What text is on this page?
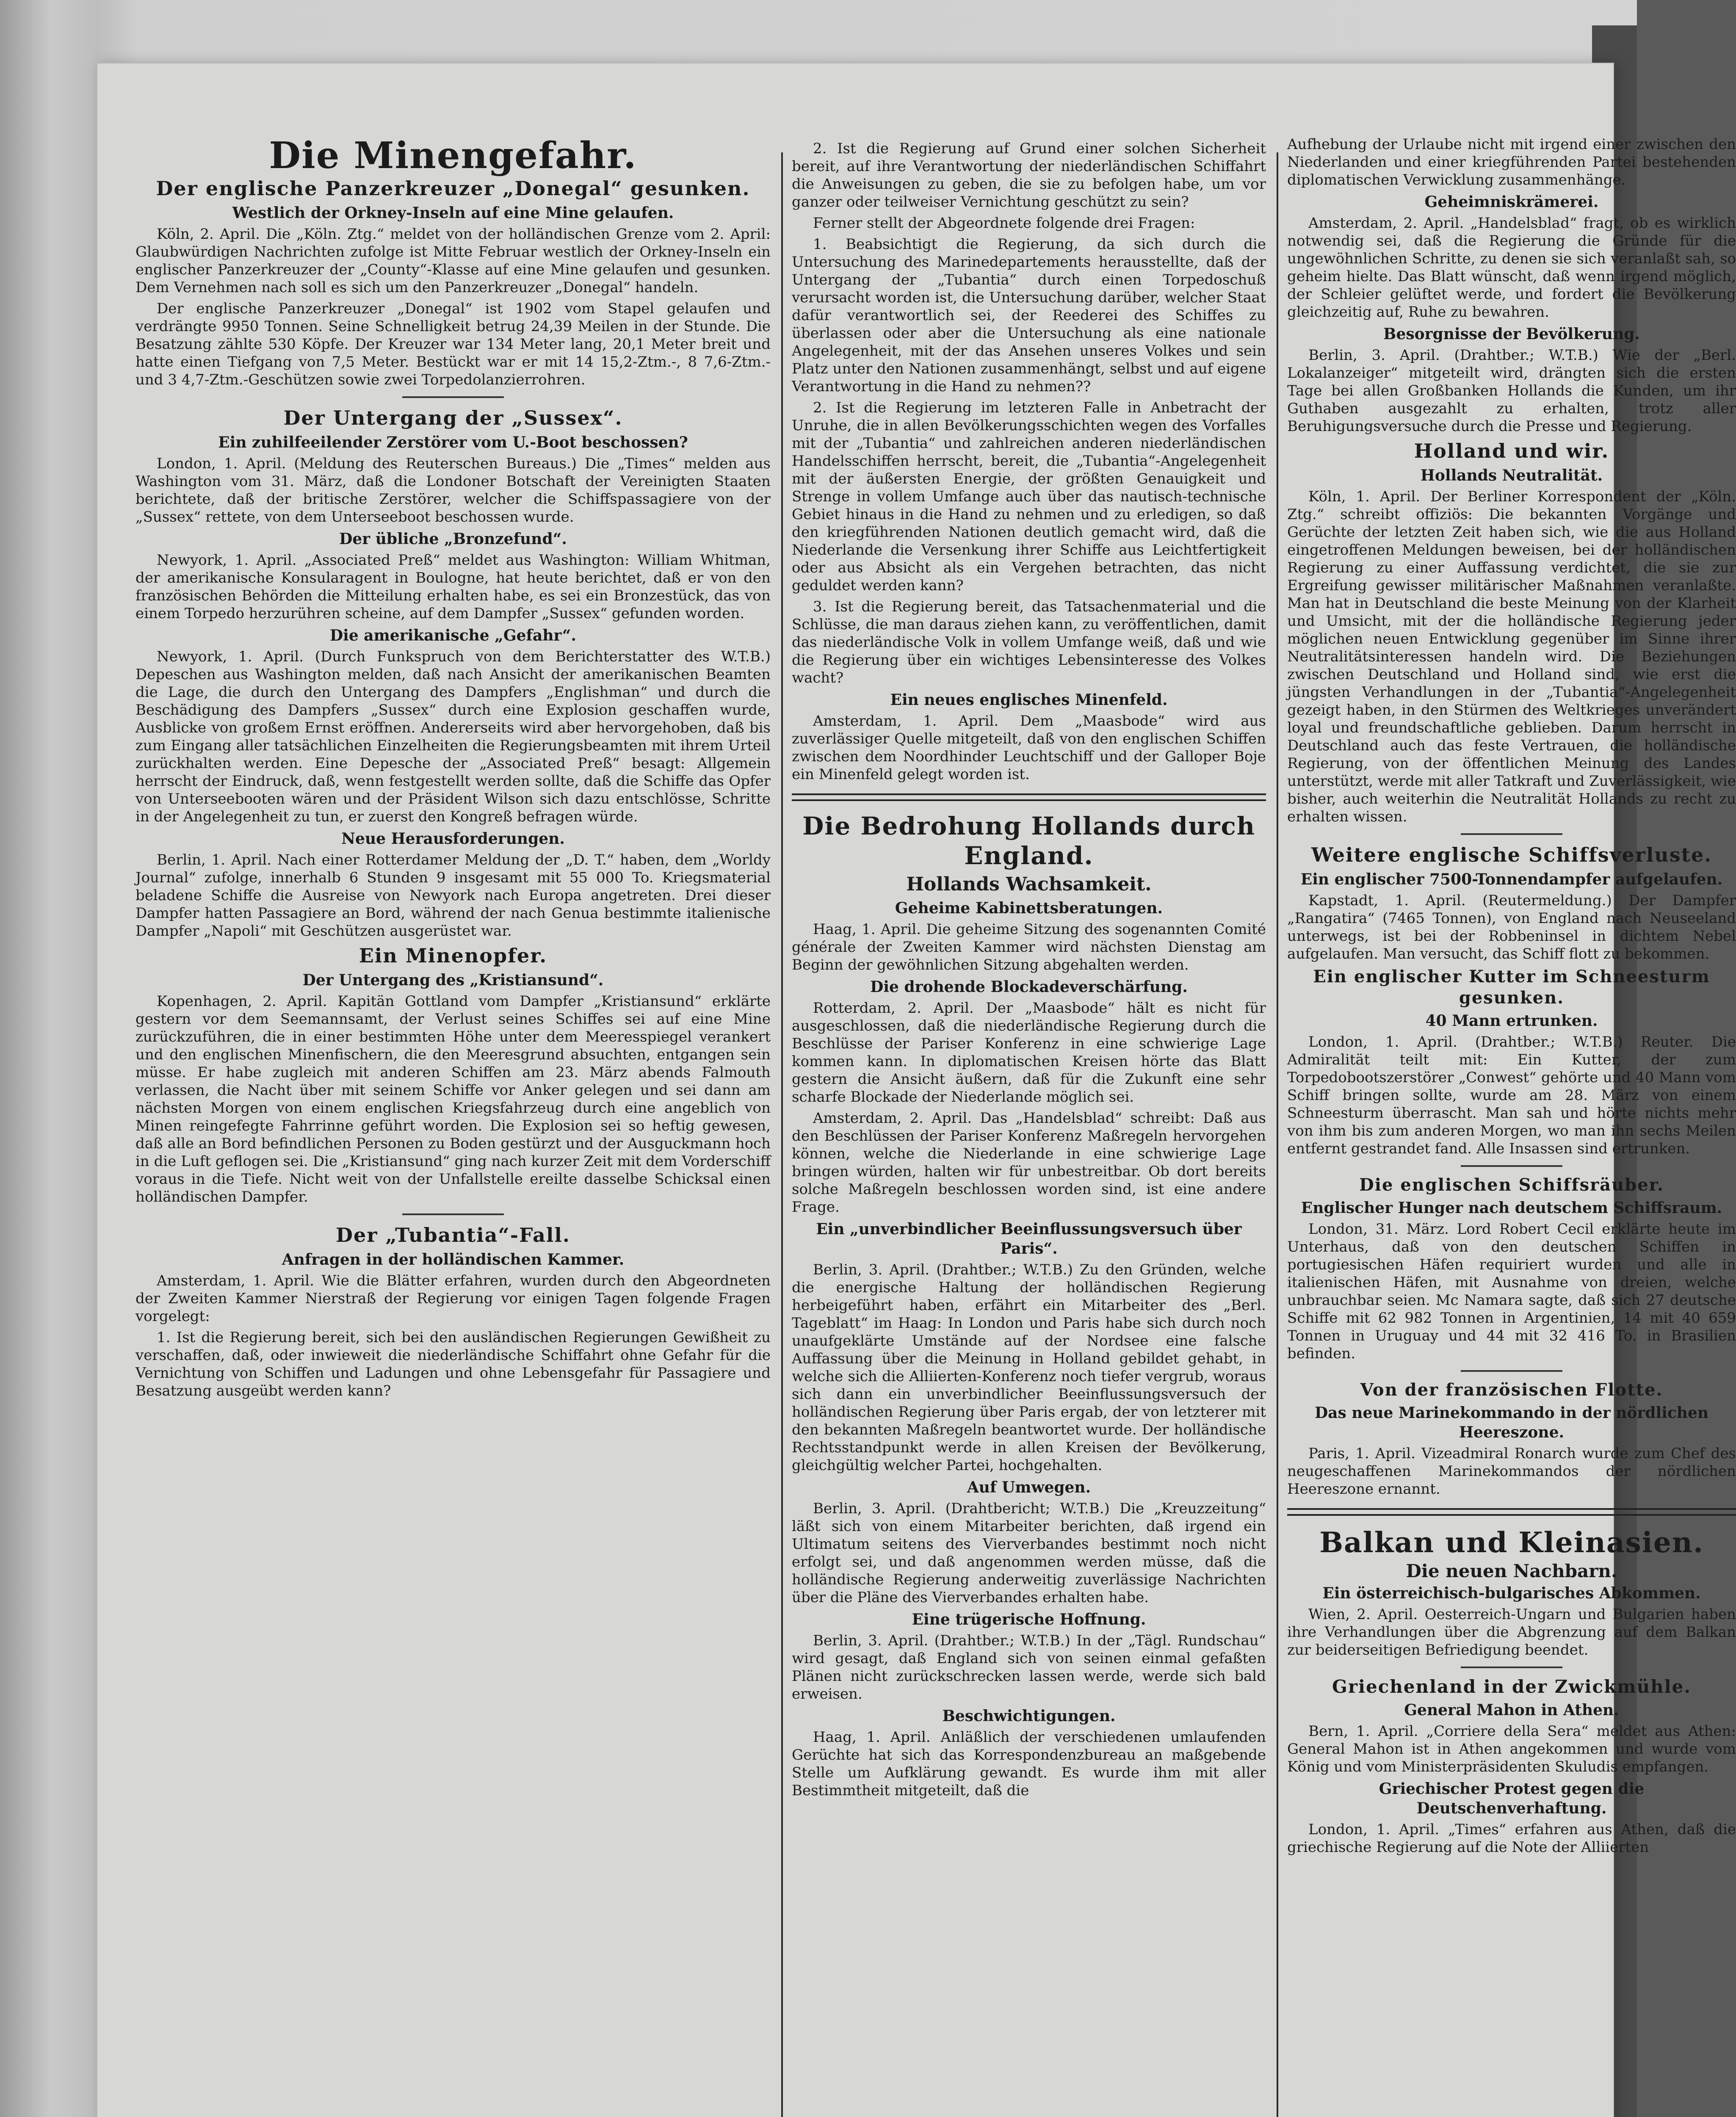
Die Minengefahr.
Der englische Panzerkreuzer „Donegal“ gesunken.
Westlich der Orkney-Inseln auf eine Mine gelaufen.

Köln, 2. April. Die „Köln. Ztg.“ meldet von der holländischen Grenze vom 2. April: Glaubwürdigen Nachrichten zufolge ist Mitte Februar westlich der Orkney-Inseln ein englischer Panzerkreuzer der „County“-Klasse auf eine Mine gelaufen und gesunken. Dem Vernehmen nach soll es sich um den Panzerkreuzer „Donegal“ handeln.

Der englische Panzerkreuzer „Donegal“ ist 1902 vom Stapel gelaufen und verdrängte 9950 Tonnen. Seine Schnelligkeit betrug 24,39 Meilen in der Stunde. Die Besatzung zählte 530 Köpfe. Der Kreuzer war 134 Meter lang, 20,1 Meter breit und hatte einen Tiefgang von 7,5 Meter. Bestückt war er mit 14 15,2-Ztm.-, 8 7,6-Ztm.- und 3 4,7-Ztm.-Geschützen sowie zwei Torpedolanzierrohren.

Der Untergang der „Sussex“.
Ein zuhilfeeilender Zerstörer vom U.-Boot beschossen?

London, 1. April. (Meldung des Reuterschen Bureaus.) Die „Times“ melden aus Washington vom 31. März, daß die Londoner Botschaft der Vereinigten Staaten berichtete, daß der britische Zerstörer, welcher die Schiffspassagiere von der „Sussex“ rettete, von dem Unterseeboot beschossen wurde.

Der übliche „Bronzefund“.

Newyork, 1. April. „Associated Preß“ meldet aus Washington: William Whitman, der amerikanische Konsularagent in Boulogne, hat heute berichtet, daß er von den französischen Behörden die Mitteilung erhalten habe, es sei ein Bronzestück, das von einem Torpedo herzurühren scheine, auf dem Dampfer „Sussex“ gefunden worden.

Die amerikanische „Gefahr“.

Newyork, 1. April. (Durch Funkspruch von dem Berichterstatter des W.T.B.) Depeschen aus Washington melden, daß nach Ansicht der amerikanischen Beamten die Lage, die durch den Untergang des Dampfers „Englishman“ und durch die Beschädigung des Dampfers „Sussex“ durch eine Explosion geschaffen wurde, Ausblicke von großem Ernst eröffnen. Andererseits wird aber hervorgehoben, daß bis zum Eingang aller tatsächlichen Einzelheiten die Regierungsbeamten mit ihrem Urteil zurückhalten werden. Eine Depesche der „Associated Preß“ besagt: Allgemein herrscht der Eindruck, daß, wenn festgestellt werden sollte, daß die Schiffe das Opfer von Unterseebooten wären und der Präsident Wilson sich dazu entschlösse, Schritte in der Angelegenheit zu tun, er zuerst den Kongreß befragen würde.

Neue Herausforderungen.

Berlin, 1. April. Nach einer Rotterdamer Meldung der „D. T.“ haben, dem „Worldy Journal“ zufolge, innerhalb 6 Stunden 9 insgesamt mit 55 000 To. Kriegsmaterial beladene Schiffe die Ausreise von Newyork nach Europa angetreten. Drei dieser Dampfer hatten Passagiere an Bord, während der nach Genua bestimmte italienische Dampfer „Napoli“ mit Geschützen ausgerüstet war.

Ein Minenopfer.
Der Untergang des „Kristiansund“.

Kopenhagen, 2. April. Kapitän Gottland vom Dampfer „Kristiansund“ erklärte gestern vor dem Seemannsamt, der Verlust seines Schiffes sei auf eine Mine zurückzuführen, die in einer bestimmten Höhe unter dem Meeresspiegel verankert und den englischen Minenfischern, die den Meeresgrund absuchten, entgangen sein müsse. Er habe zugleich mit anderen Schiffen am 23. März abends Falmouth verlassen, die Nacht über mit seinem Schiffe vor Anker gelegen und sei dann am nächsten Morgen von einem englischen Kriegsfahrzeug durch eine angeblich von Minen reingefegte Fahrrinne geführt worden. Die Explosion sei so heftig gewesen, daß alle an Bord befindlichen Personen zu Boden gestürzt und der Ausguckmann hoch in die Luft geflogen sei. Die „Kristiansund“ ging nach kurzer Zeit mit dem Vorderschiff voraus in die Tiefe. Nicht weit von der Unfallstelle ereilte dasselbe Schicksal einen holländischen Dampfer.

Der „Tubantia“-Fall.
Anfragen in der holländischen Kammer.

Amsterdam, 1. April. Wie die Blätter erfahren, wurden durch den Abgeordneten der Zweiten Kammer Nierstraß der Regierung vor einigen Tagen folgende Fragen vorgelegt:

1. Ist die Regierung bereit, sich bei den ausländischen Regierungen Gewißheit zu verschaffen, daß, oder inwieweit die niederländische Schiffahrt ohne Gefahr für die Vernichtung von Schiffen und Ladungen und ohne Lebensgefahr für Passagiere und Besatzung ausgeübt werden kann?

2. Ist die Regierung auf Grund einer solchen Sicherheit bereit, auf ihre Verantwortung der niederländischen Schiffahrt die Anweisungen zu geben, die sie zu befolgen habe, um vor ganzer oder teilweiser Vernichtung geschützt zu sein?

Ferner stellt der Abgeordnete folgende drei Fragen:

1. Beabsichtigt die Regierung, da sich durch die Untersuchung des Marinedepartements herausstellte, daß der Untergang der „Tubantia“ durch einen Torpedoschuß verursacht worden ist, die Untersuchung darüber, welcher Staat dafür verantwortlich sei, der Reederei des Schiffes zu überlassen oder aber die Untersuchung als eine nationale Angelegenheit, mit der das Ansehen unseres Volkes und sein Platz unter den Nationen zusammenhängt, selbst und auf eigene Verantwortung in die Hand zu nehmen??

2. Ist die Regierung im letzteren Falle in Anbetracht der Unruhe, die in allen Bevölkerungsschichten wegen des Vorfalles mit der „Tubantia“ und zahlreichen anderen niederländischen Handelsschiffen herrscht, bereit, die „Tubantia“-Angelegenheit mit der äußersten Energie, der größten Genauigkeit und Strenge in vollem Umfange auch über das nautisch-technische Gebiet hinaus in die Hand zu nehmen und zu erledigen, so daß den kriegführenden Nationen deutlich gemacht wird, daß die Niederlande die Versenkung ihrer Schiffe aus Leichtfertigkeit oder aus Absicht als ein Vergehen betrachten, das nicht geduldet werden kann?

3. Ist die Regierung bereit, das Tatsachenmaterial und die Schlüsse, die man daraus ziehen kann, zu veröffentlichen, damit das niederländische Volk in vollem Umfange weiß, daß und wie die Regierung über ein wichtiges Lebensinteresse des Volkes wacht?

Ein neues englisches Minenfeld.

Amsterdam, 1. April. Dem „Maasbode“ wird aus zuverlässiger Quelle mitgeteilt, daß von den englischen Schiffen zwischen dem Noordhinder Leuchtschiff und der Galloper Boje ein Minenfeld gelegt worden ist.

Die Bedrohung Hollands durch England.
Hollands Wachsamkeit.
Geheime Kabinettsberatungen.

Haag, 1. April. Die geheime Sitzung des sogenannten Comité générale der Zweiten Kammer wird nächsten Dienstag am Beginn der gewöhnlichen Sitzung abgehalten werden.

Die drohende Blockadeverschärfung.

Rotterdam, 2. April. Der „Maasbode“ hält es nicht für ausgeschlossen, daß die niederländische Regierung durch die Beschlüsse der Pariser Konferenz in eine schwierige Lage kommen kann. In diplomatischen Kreisen hörte das Blatt gestern die Ansicht äußern, daß für die Zukunft eine sehr scharfe Blockade der Niederlande möglich sei.

Amsterdam, 2. April. Das „Handelsblad“ schreibt: Daß aus den Beschlüssen der Pariser Konferenz Maßregeln hervorgehen können, welche die Niederlande in eine schwierige Lage bringen würden, halten wir für unbestreitbar. Ob dort bereits solche Maßregeln beschlossen worden sind, ist eine andere Frage.

Ein „unverbindlicher Beeinflussungsversuch über Paris“.

Berlin, 3. April. (Drahtber.; W.T.B.) Zu den Gründen, welche die energische Haltung der holländischen Regierung herbeigeführt haben, erfährt ein Mitarbeiter des „Berl. Tageblatt“ im Haag: In London und Paris habe sich durch noch unaufgeklärte Umstände auf der Nordsee eine falsche Auffassung über die Meinung in Holland gebildet gehabt, in welche sich die Alliierten-Konferenz noch tiefer vergrub, woraus sich dann ein unverbindlicher Beeinflussungsversuch der holländischen Regierung über Paris ergab, der von letzterer mit den bekannten Maßregeln beantwortet wurde. Der holländische Rechtsstandpunkt werde in allen Kreisen der Bevölkerung, gleichgültig welcher Partei, hochgehalten.

Auf Umwegen.

Berlin, 3. April. (Drahtbericht; W.T.B.) Die „Kreuzzeitung“ läßt sich von einem Mitarbeiter berichten, daß irgend ein Ultimatum seitens des Vierverbandes bestimmt noch nicht erfolgt sei, und daß angenommen werden müsse, daß die holländische Regierung anderweitig zuverlässige Nachrichten über die Pläne des Vierverbandes erhalten habe.

Eine trügerische Hoffnung.

Berlin, 3. April. (Drahtber.; W.T.B.) In der „Tägl. Rundschau“ wird gesagt, daß England sich von seinen einmal gefaßten Plänen nicht zurückschrecken lassen werde, werde sich bald erweisen.

Beschwichtigungen.

Haag, 1. April. Anläßlich der verschiedenen umlaufenden Gerüchte hat sich das Korrespondenzbureau an maßgebende Stelle um Aufklärung gewandt. Es wurde ihm mit aller Bestimmtheit mitgeteilt, daß die

Aufhebung der Urlaube nicht mit irgend einer zwischen den Niederlanden und einer kriegführenden Partei bestehenden diplomatischen Verwicklung zusammenhänge.

Geheimniskrämerei.

Amsterdam, 2. April. „Handelsblad“ fragt, ob es wirklich notwendig sei, daß die Regierung die Gründe für die ungewöhnlichen Schritte, zu denen sie sich veranlaßt sah, so geheim hielte. Das Blatt wünscht, daß wenn irgend möglich, der Schleier gelüftet werde, und fordert die Bevölkerung gleichzeitig auf, Ruhe zu bewahren.

Besorgnisse der Bevölkerung.

Berlin, 3. April. (Drahtber.; W.T.B.) Wie der „Berl. Lokalanzeiger“ mitgeteilt wird, drängten sich die ersten Tage bei allen Großbanken Hollands die Kunden, um ihr Guthaben ausgezahlt zu erhalten, trotz aller Beruhigungsversuche durch die Presse und Regierung.

Holland und wir.
Hollands Neutralität.

Köln, 1. April. Der Berliner Korrespondent der „Köln. Ztg.“ schreibt offiziös: Die bekannten Vorgänge und Gerüchte der letzten Zeit haben sich, wie die aus Holland eingetroffenen Meldungen beweisen, bei der holländischen Regierung zu einer Auffassung verdichtet, die sie zur Ergreifung gewisser militärischer Maßnahmen veranlaßte. Man hat in Deutschland die beste Meinung von der Klarheit und Umsicht, mit der die holländische Regierung jeder möglichen neuen Entwicklung gegenüber im Sinne ihrer Neutralitätsinteressen handeln wird. Die Beziehungen zwischen Deutschland und Holland sind, wie erst die jüngsten Verhandlungen in der „Tubantia“-Angelegenheit gezeigt haben, in den Stürmen des Weltkrieges unverändert loyal und freundschaftliche geblieben. Darum herrscht in Deutschland auch das feste Vertrauen, die holländische Regierung, von der öffentlichen Meinung des Landes unterstützt, werde mit aller Tatkraft und Zuverlässigkeit, wie bisher, auch weiterhin die Neutralität Hollands zu recht zu erhalten wissen.

Weitere englische Schiffsverluste.
Ein englischer 7500-Tonnendampfer aufgelaufen.

Kapstadt, 1. April. (Reutermeldung.) Der Dampfer „Rangatira“ (7465 Tonnen), von England nach Neuseeland unterwegs, ist bei der Robbeninsel in dichtem Nebel aufgelaufen. Man versucht, das Schiff flott zu bekommen.

Ein englischer Kutter im Schneesturm gesunken.
40 Mann ertrunken.

London, 1. April. (Drahtber.; W.T.B.) Reuter. Die Admiralität teilt mit: Ein Kutter, der zum Torpedobootszerstörer „Conwest“ gehörte und 40 Mann vom Schiff bringen sollte, wurde am 28. März von einem Schneesturm überrascht. Man sah und hörte nichts mehr von ihm bis zum anderen Morgen, wo man ihn sechs Meilen entfernt gestrandet fand. Alle Insassen sind ertrunken.

Die englischen Schiffsräuber.
Englischer Hunger nach deutschem Schiffsraum.

London, 31. März. Lord Robert Cecil erklärte heute im Unterhaus, daß von den deutschen Schiffen in portugiesischen Häfen requiriert wurden und alle in italienischen Häfen, mit Ausnahme von dreien, welche unbrauchbar seien. Mc Namara sagte, daß sich 27 deutsche Schiffe mit 62 982 Tonnen in Argentinien, 14 mit 40 659 Tonnen in Uruguay und 44 mit 32 416 To. in Brasilien befinden.

Von der französischen Flotte.
Das neue Marinekommando in der nördlichen Heereszone.

Paris, 1. April. Vizeadmiral Ronarch wurde zum Chef des neugeschaffenen Marinekommandos der nördlichen Heereszone ernannt.

Balkan und Kleinasien.
Die neuen Nachbarn.
Ein österreichisch-bulgarisches Abkommen.

Wien, 2. April. Oesterreich-Ungarn und Bulgarien haben ihre Verhandlungen über die Abgrenzung auf dem Balkan zur beiderseitigen Befriedigung beendet.

Griechenland in der Zwickmühle.
General Mahon in Athen.

Bern, 1. April. „Corriere della Sera“ meldet aus Athen: General Mahon ist in Athen angekommen und wurde vom König und vom Ministerpräsidenten Skuludis empfangen.

Griechischer Protest gegen die Deutschenverhaftung.

London, 1. April. „Times“ erfahren aus Athen, daß die griechische Regierung auf die Note der Alliierten
